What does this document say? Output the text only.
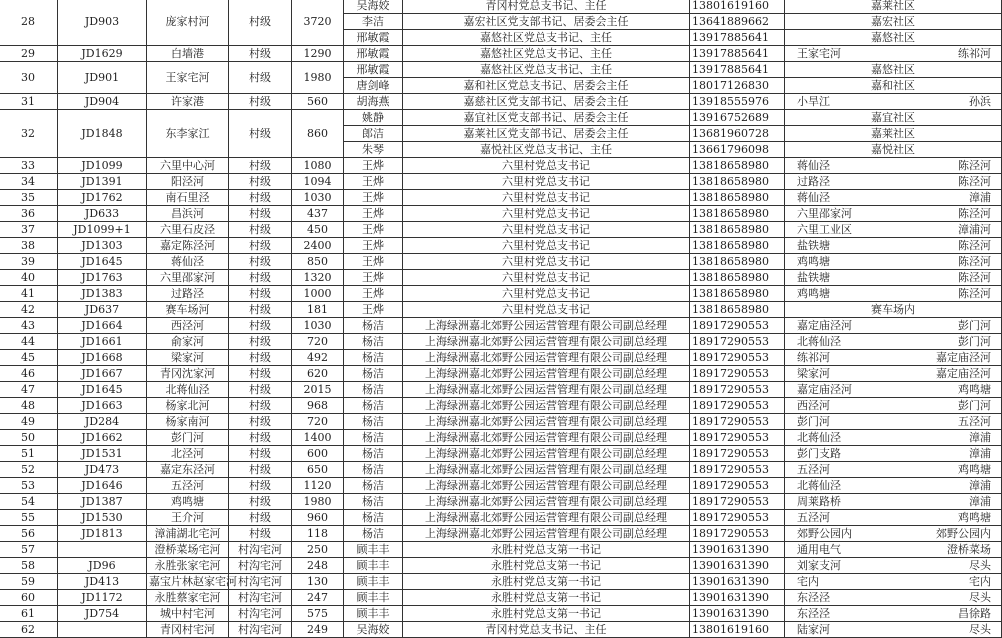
28	JD903	庞家村河	村级	3720	吴海姣	青冈村党总支书记、主任	13801619160	嘉莱社区
					李洁	嘉宏社区党支部书记、居委会主任	13641889662	嘉宏社区
					邢敏霞	嘉悠社区党总支书记、主任	13917885641	嘉悠社区
29	JD1629	白墙港	村级	1290	邢敏霞	嘉悠社区党总支书记、主任	13917885641	王家宅河 练祁河

30	JD901	王家宅河	村级	1980	邢敏霞	嘉悠社区党总支书记、主任	13917885641	嘉悠社区
					唐剑峰	嘉和社区党总支书记、居委会主任	18017126830	嘉和社区
31	JD904	许家港	村级	560	胡海燕	嘉慈社区党支部书记、居委会主任	13918555976	小旱江 孙浜

32	JD1848	东李家江	村级	860	姚静	嘉宜社区党支部书记、居委会主任	13916752689	嘉宜社区
					郎洁	嘉莱社区党支部书记、居委会主任	13681960728	嘉莱社区
					朱琴	嘉悦社区党总支书记、主任	13661796098	嘉悦社区
33	JD1099	六里中心河	村级	1080	王烨	六里村党总支书记	13818658980	蒋仙泾 陈泾河

34	JD1391	阳泾河	村级	1094	王烨	六里村党总支书记	13818658980	过路泾 陈泾河

35	JD1762	南石里泾	村级	1030	王烨	六里村党总支书记	13818658980	蒋仙泾 漳浦

36	JD633	昌浜河	村级	437	王烨	六里村党总支书记	13818658980	六里邵家河 陈泾河

37	JD1099+1	六里石皮泾	村级	450	王烨	六里村党总支书记	13818658980	六里工业区 漳浦河

38	JD1303	嘉定陈泾河	村级	2400	王烨	六里村党总支书记	13818658980	盐铁塘 陈泾河

39	JD1645	蒋仙泾	村级	850	王烨	六里村党总支书记	13818658980	鸡鸣塘 陈泾河

40	JD1763	六里邵家河	村级	1320	王烨	六里村党总支书记	13818658980	盐铁塘 陈泾河

41	JD1383	过路泾	村级	1000	王烨	六里村党总支书记	13818658980	鸡鸣塘 陈泾河

42	JD637	赛车场河	村级	181	王烨	六里村党总支书记	13818658980	赛车场内
43	JD1664	西泾河	村级	1030	杨洁	上海绿洲嘉北郊野公园运营管理有限公司副总经理	18917290553	嘉定庙泾河 彭门河

44	JD1661	俞家河	村级	720	杨洁	上海绿洲嘉北郊野公园运营管理有限公司副总经理	18917290553	北蒋仙泾 彭门河

45	JD1668	梁家河	村级	492	杨洁	上海绿洲嘉北郊野公园运营管理有限公司副总经理	18917290553	练祁河 嘉定庙泾河

46	JD1667	青冈沈家河	村级	620	杨洁	上海绿洲嘉北郊野公园运营管理有限公司副总经理	18917290553	梁家河 嘉定庙泾河

47	JD1645	北蒋仙泾	村级	2015	杨洁	上海绿洲嘉北郊野公园运营管理有限公司副总经理	18917290553	嘉定庙泾河 鸡鸣塘

48	JD1663	杨家北河	村级	968	杨洁	上海绿洲嘉北郊野公园运营管理有限公司副总经理	18917290553	西泾河 彭门河

49	JD284	杨家南河	村级	720	杨洁	上海绿洲嘉北郊野公园运营管理有限公司副总经理	18917290553	彭门河 五泾河

50	JD1662	彭门河	村级	1400	杨洁	上海绿洲嘉北郊野公园运营管理有限公司副总经理	18917290553	北蒋仙泾 漳浦

51	JD1531	北泾河	村级	600	杨洁	上海绿洲嘉北郊野公园运营管理有限公司副总经理	18917290553	彭门支路 漳浦

52	JD473	嘉定东泾河	村级	650	杨洁	上海绿洲嘉北郊野公园运营管理有限公司副总经理	18917290553	五泾河 鸡鸣塘

53	JD1646	五泾河	村级	1120	杨洁	上海绿洲嘉北郊野公园运营管理有限公司副总经理	18917290553	北蒋仙泾 漳浦

54	JD1387	鸡鸣塘	村级	1980	杨洁	上海绿洲嘉北郊野公园运营管理有限公司副总经理	18917290553	周莱路桥 漳浦

55	JD1530	王介河	村级	960	杨洁	上海绿洲嘉北郊野公园运营管理有限公司副总经理	18917290553	五泾河 鸡鸣塘

56	JD1813	漳浦湖北宅河	村级	118	杨洁	上海绿洲嘉北郊野公园运营管理有限公司副总经理	18917290553	郊野公园内 郊野公园内

57		澄桥菜场宅河	村沟宅河	250	顾丰丰	永胜村党总支第一书记	13901631390	通用电气 澄桥菜场

58	JD96	永胜张家宅河	村沟宅河	248	顾丰丰	永胜村党总支第一书记	13901631390	刘家支河 尽头

59	JD413	嘉宝片林赵家宅河	村沟宅河	130	顾丰丰	永胜村党总支第一书记	13901631390	宅内 宅内

60	JD1172	永胜蔡家宅河	村沟宅河	247	顾丰丰	永胜村党总支第一书记	13901631390	东泾泾 尽头

61	JD754	城中村宅河	村沟宅河	575	顾丰丰	永胜村党总支第一书记	13901631390	东泾泾 昌徐路

62		青冈村宅河	村沟宅河	249	吴海姣	青冈村党总支书记、主任	13801619160	陆家河 尽头
